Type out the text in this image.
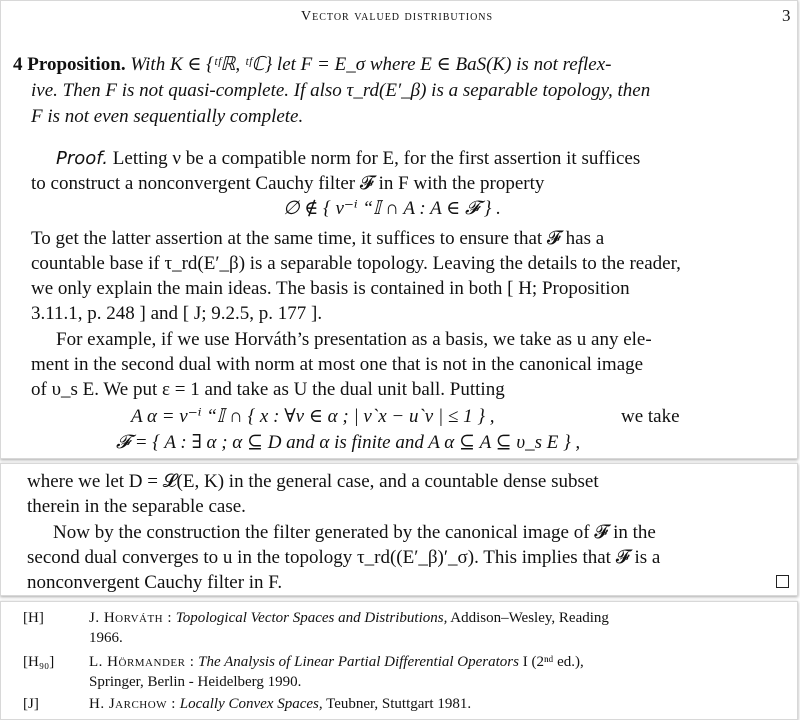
Vector valued distributions	3
4 Proposition. With K ∈ {ᵗᶠℝ, ᵗᶠℂ} let F = E_σ where E ∈ BaS(K) is not reflex-
ive. Then F is not quasi-complete. If also τ_rd(E′_β) is a separable topology, then
F is not even sequentially complete.
Proof. Letting ν be a compatible norm for E, for the first assertion it suffices
to construct a nonconvergent Cauchy filter 𝓕 in F with the property
∅ ∉ { ν⁻ⁱ “𝕀 ∩ A : A ∈ 𝓕 } .
To get the latter assertion at the same time, it suffices to ensure that 𝓕 has a
countable base if τ_rd(E′_β) is a separable topology. Leaving the details to the reader,
we only explain the main ideas. The basis is contained in both [ H; Proposition
3.11.1, p. 248 ] and [ J; 9.2.5, p. 177 ].
For example, if we use Horváth’s presentation as a basis, we take as u any ele-
ment in the second dual with norm at most one that is not in the canonical image
of υ_s E. We put ε = 1 and take as U the dual unit ball. Putting
A α = ν⁻ⁱ “𝕀 ∩ { x : ∀v ∈ α ; | v`x − u`v | ≤ 1 } ,	we take
𝓕 = { A : ∃ α ; α ⊆ D and α is finite and A α ⊆ A ⊆ υ_s E } ,
where we let D = 𝓛(E, K) in the general case, and a countable dense subset
therein in the separable case.
Now by the construction the filter generated by the canonical image of 𝓕 in the
second dual converges to u in the topology τ_rd((E′_β)′_σ). This implies that 𝓕 is a
nonconvergent Cauchy filter in F.
[H]	J. Horváth : Topological Vector Spaces and Distributions, Addison–Wesley, Reading
1966.
[H₉₀] L. Hörmander : The Analysis of Linear Partial Differential Operators I (2ⁿᵈ ed.),
Springer, Berlin - Heidelberg 1990.
[J]	H. Jarchow : Locally Convex Spaces, Teubner, Stuttgart 1981.
